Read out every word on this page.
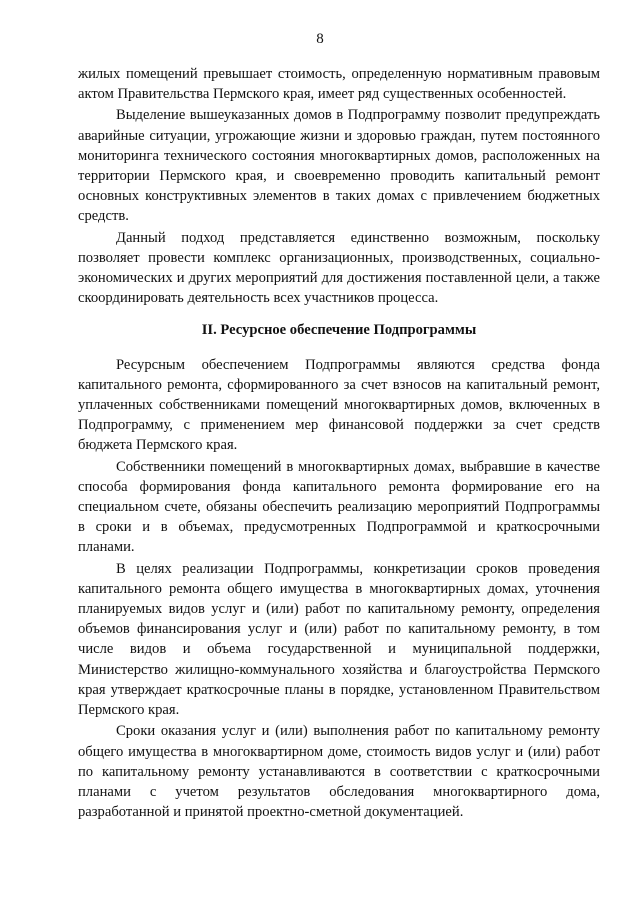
8

жилых помещений превышает стоимость, определенную нормативным правовым актом Правительства Пермского края, имеет ряд существенных особенностей.

Выделение вышеуказанных домов в Подпрограмму позволит предупреждать аварийные ситуации, угрожающие жизни и здоровью граждан, путем постоянного мониторинга технического состояния многоквартирных домов, расположенных на территории Пермского края, и своевременно проводить капитальный ремонт основных конструктивных элементов в таких домах с привлечением бюджетных средств.

Данный подход представляется единственно возможным, поскольку позволяет провести комплекс организационных, производственных, социально-экономических и других мероприятий для достижения поставленной цели, а также скоординировать деятельность всех участников процесса.

II. Ресурсное обеспечение Подпрограммы

Ресурсным обеспечением Подпрограммы являются средства фонда капитального ремонта, сформированного за счет взносов на капитальный ремонт, уплаченных собственниками помещений многоквартирных домов, включенных в Подпрограмму, с применением мер финансовой поддержки за счет средств бюджета Пермского края.

Собственники помещений в многоквартирных домах, выбравшие в качестве способа формирования фонда капитального ремонта формирование его на специальном счете, обязаны обеспечить реализацию мероприятий Подпрограммы в сроки и в объемах, предусмотренных Подпрограммой и краткосрочными планами.

В целях реализации Подпрограммы, конкретизации сроков проведения капитального ремонта общего имущества в многоквартирных домах, уточнения планируемых видов услуг и (или) работ по капитальному ремонту, определения объемов финансирования услуг и (или) работ по капитальному ремонту, в том числе видов и объема государственной и муниципальной поддержки, Министерство жилищно-коммунального хозяйства и благоустройства Пермского края утверждает краткосрочные планы в порядке, установленном Правительством Пермского края.

Сроки оказания услуг и (или) выполнения работ по капитальному ремонту общего имущества в многоквартирном доме, стоимость видов услуг и (или) работ по капитальному ремонту устанавливаются в соответствии с краткосрочными планами с учетом результатов обследования многоквартирного дома, разработанной и принятой проектно-сметной документацией.
